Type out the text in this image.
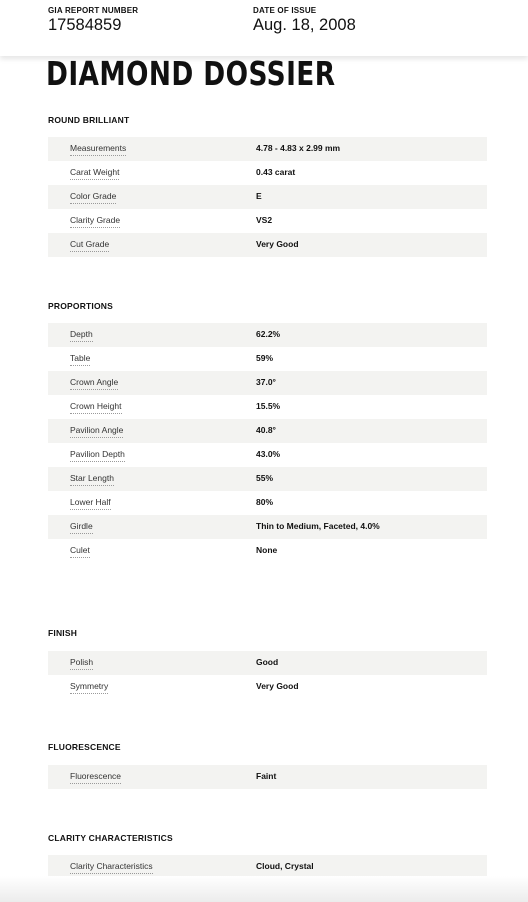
GIA REPORT NUMBER
17584859
DATE OF ISSUE
Aug. 18, 2008
DIAMOND DOSSIER
ROUND BRILLIANT
Measurements	4.78 - 4.83 x 2.99 mm
Carat Weight	0.43 carat
Color Grade	E
Clarity Grade	VS2
Cut Grade	Very Good
PROPORTIONS
Depth	62.2%
Table	59%
Crown Angle	37.0°
Crown Height	15.5%
Pavilion Angle	40.8°
Pavilion Depth	43.0%
Star Length	55%
Lower Half	80%
Girdle	Thin to Medium, Faceted, 4.0%
Culet	None
FINISH
Polish	Good
Symmetry	Very Good
FLUORESCENCE
Fluorescence	Faint
CLARITY CHARACTERISTICS
Clarity Characteristics	Cloud, Crystal
